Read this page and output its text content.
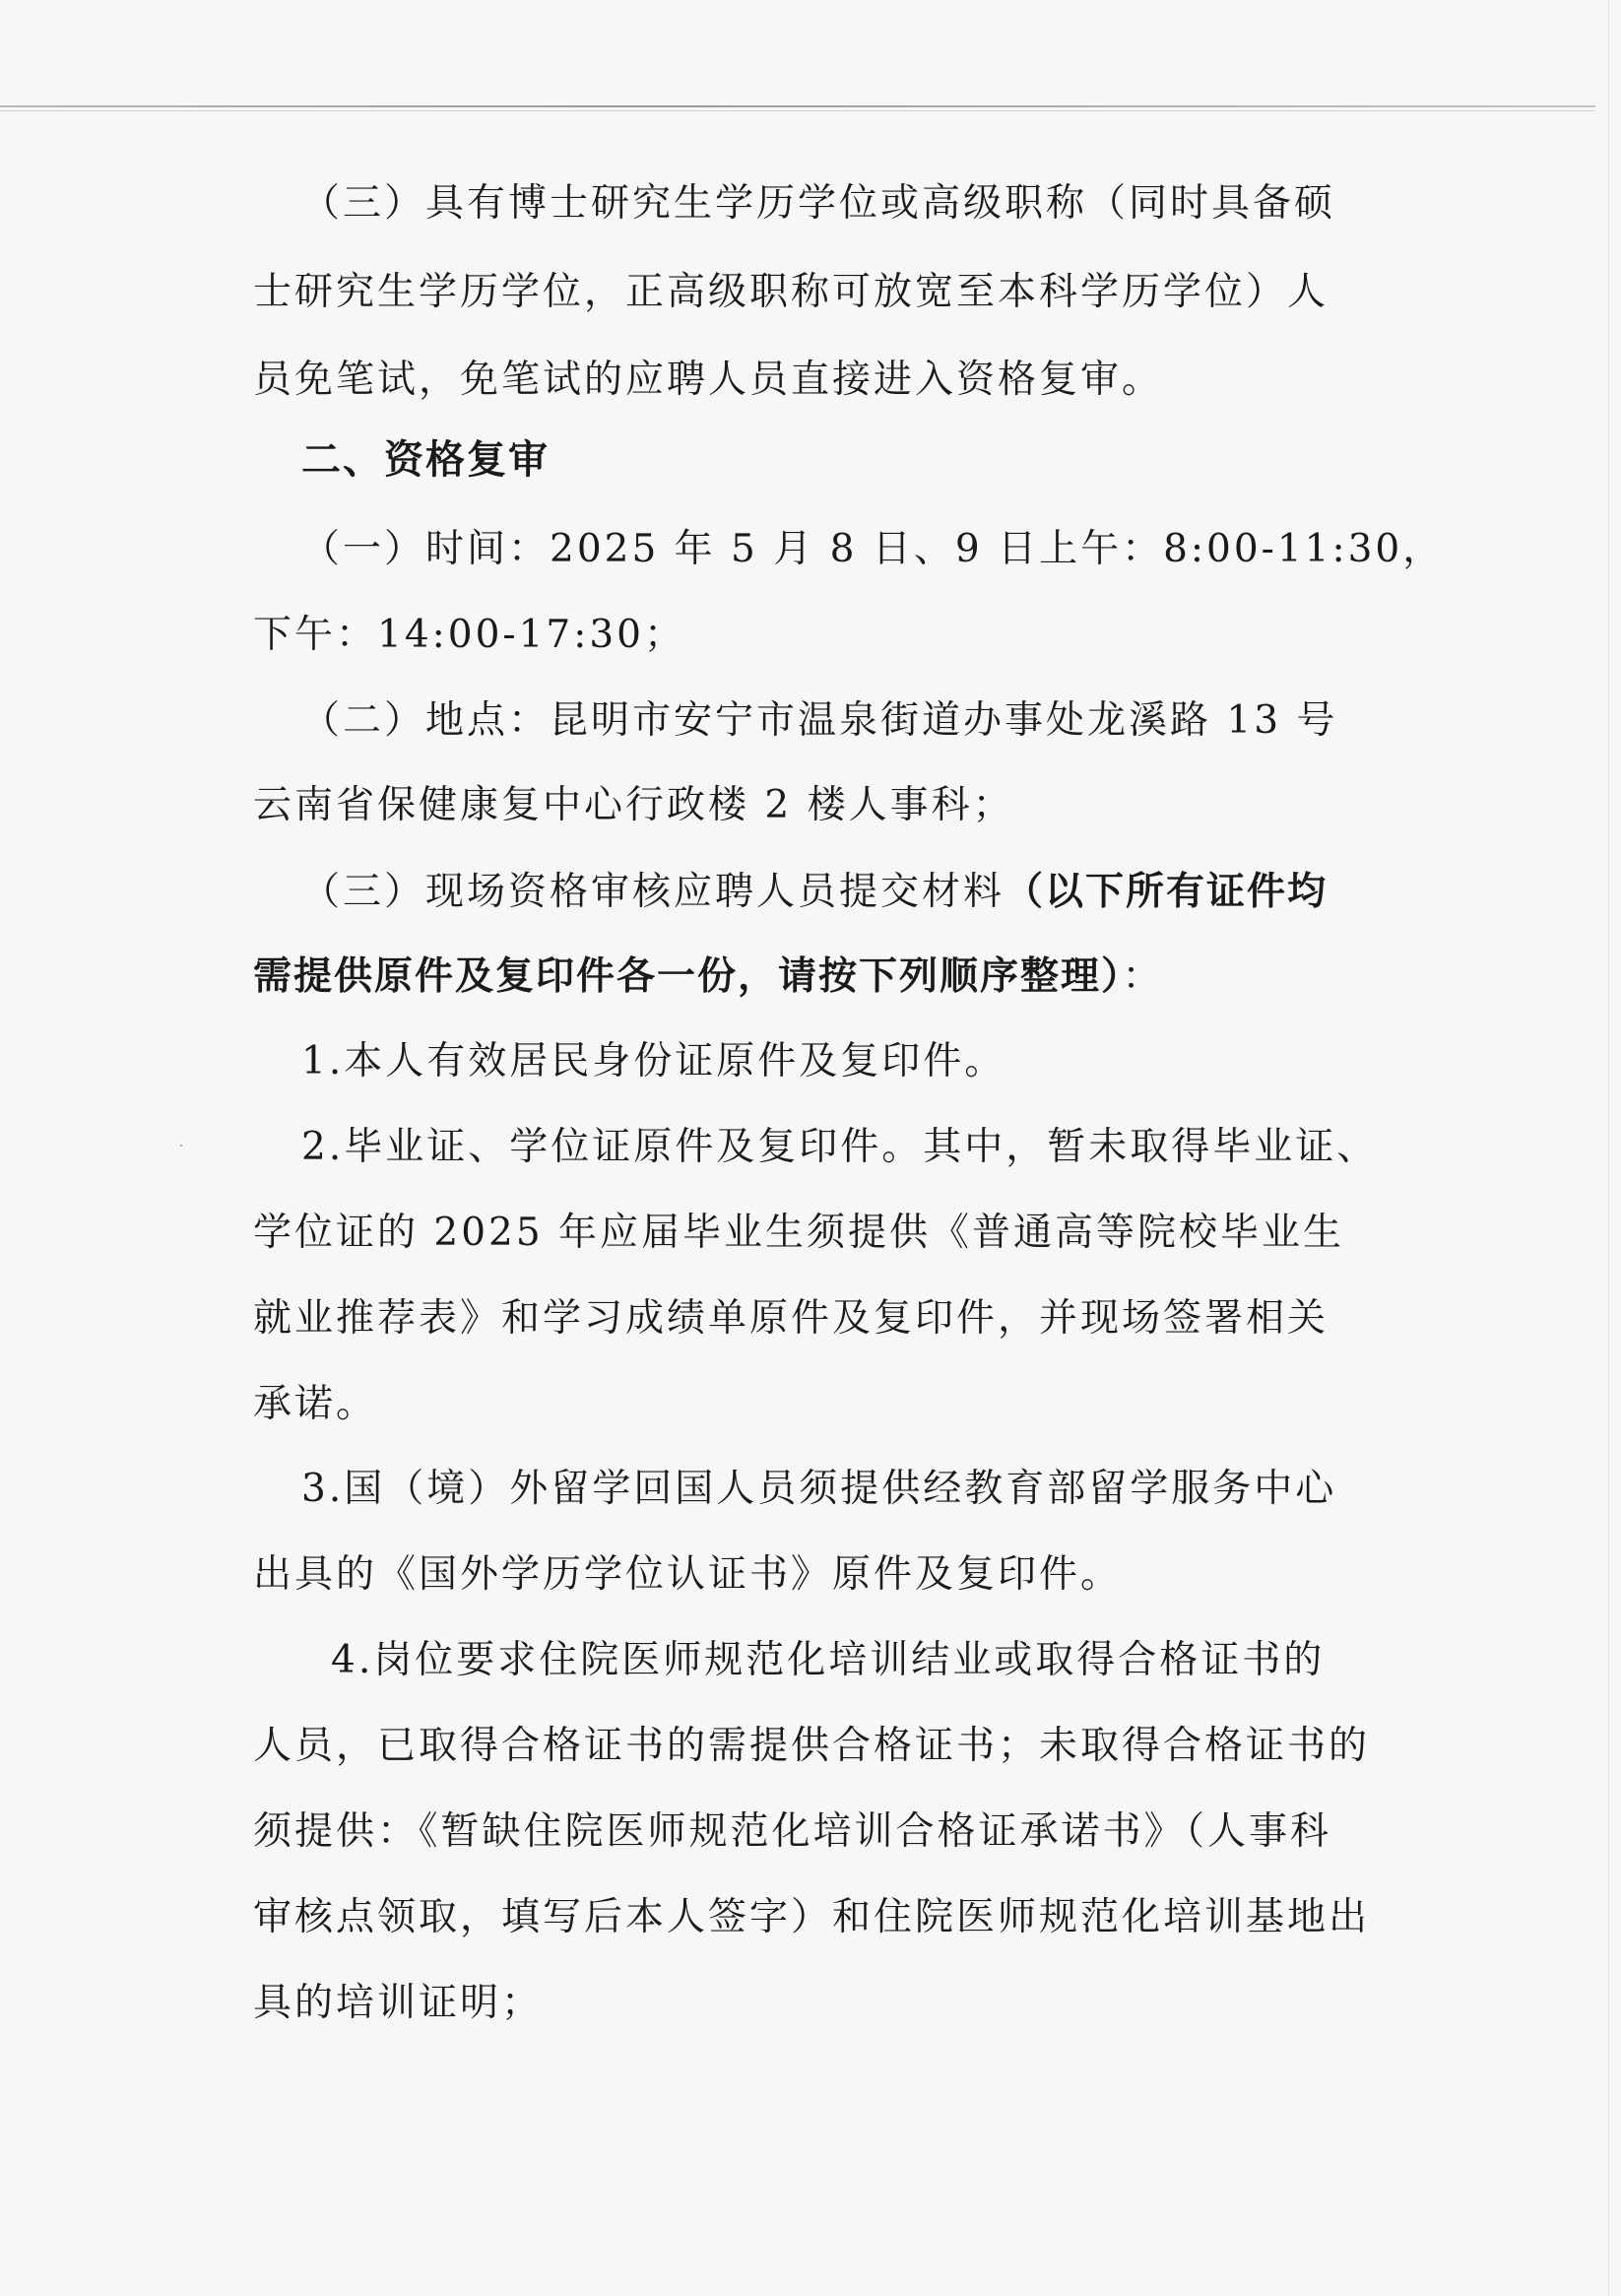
（三）具有博士研究生学历学位或高级职称（同时具备硕
士研究生学历学位，正高级职称可放宽至本科学历学位）人
员免笔试，免笔试的应聘人员直接进入资格复审。
二、资格复审
（一）时间：2025 年 5 月 8 日、9 日上午：8:00-11:30，
下午：14:00-17:30；
（二）地点：昆明市安宁市温泉街道办事处龙溪路 13 号
云南省保健康复中心行政楼 2 楼人事科；
（三）现场资格审核应聘人员提交材料（以下所有证件均
需提供原件及复印件各一份，请按下列顺序整理）：
1.本人有效居民身份证原件及复印件。
2.毕业证、学位证原件及复印件。其中，暂未取得毕业证、
学位证的 2025 年应届毕业生须提供《普通高等院校毕业生
就业推荐表》和学习成绩单原件及复印件，并现场签署相关
承诺。
3.国（境）外留学回国人员须提供经教育部留学服务中心
出具的《国外学历学位认证书》原件及复印件。
4.岗位要求住院医师规范化培训结业或取得合格证书的
人员，已取得合格证书的需提供合格证书；未取得合格证书的
须提供：《暂缺住院医师规范化培训合格证承诺书》（人事科
审核点领取，填写后本人签字）和住院医师规范化培训基地出
具的培训证明；
